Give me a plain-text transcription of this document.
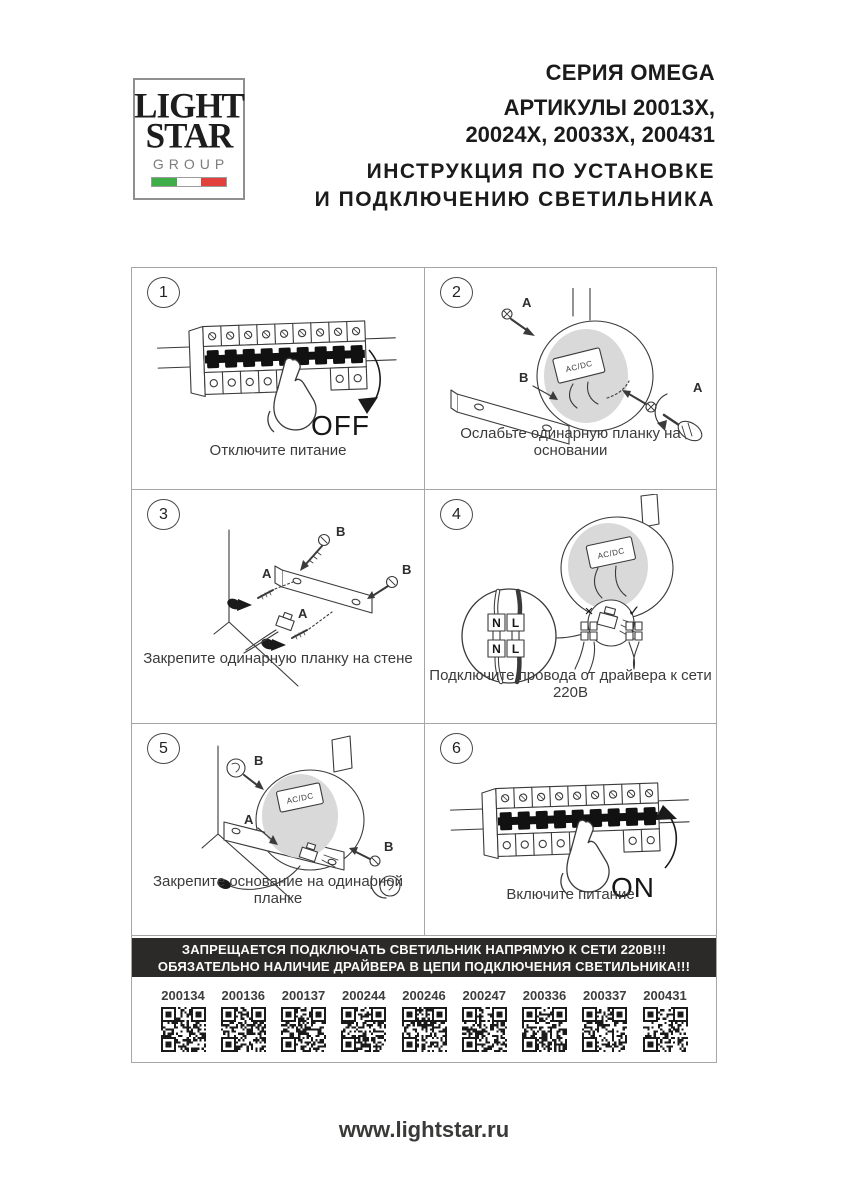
LIGHT
STAR
GROUP
СЕРИЯ OMEGA
АРТИКУЛЫ 20013Х,
20024Х, 20033Х, 200431
ИНСТРУКЦИЯ ПО УСТАНОВКЕ
И ПОДКЛЮЧЕНИЮ СВЕТИЛЬНИКА
1
OFF
Отключите питание
2
AC/DC
A
B
A
Ослабьте одинарную планку на основании
3
B
B
A
A
Закрепите одинарную планку на стене
4
AC/DC
N L
N L
× ✓
Подключите провода от драйвера к сети 220В
5
AC/DC
B
B
A
Закрепите основание на одинарной планке
6
ON
Включите питание
ЗАПРЕЩАЕТСЯ ПОДКЛЮЧАТЬ СВЕТИЛЬНИК НАПРЯМУЮ К СЕТИ 220В!!!
ОБЯЗАТЕЛЬНО НАЛИЧИЕ ДРАЙВЕРА В ЦЕПИ ПОДКЛЮЧЕНИЯ СВЕТИЛЬНИКА!!!
200134 200136 200137 200244 200246 200247 200336 200337 200431
www.lightstar.ru
